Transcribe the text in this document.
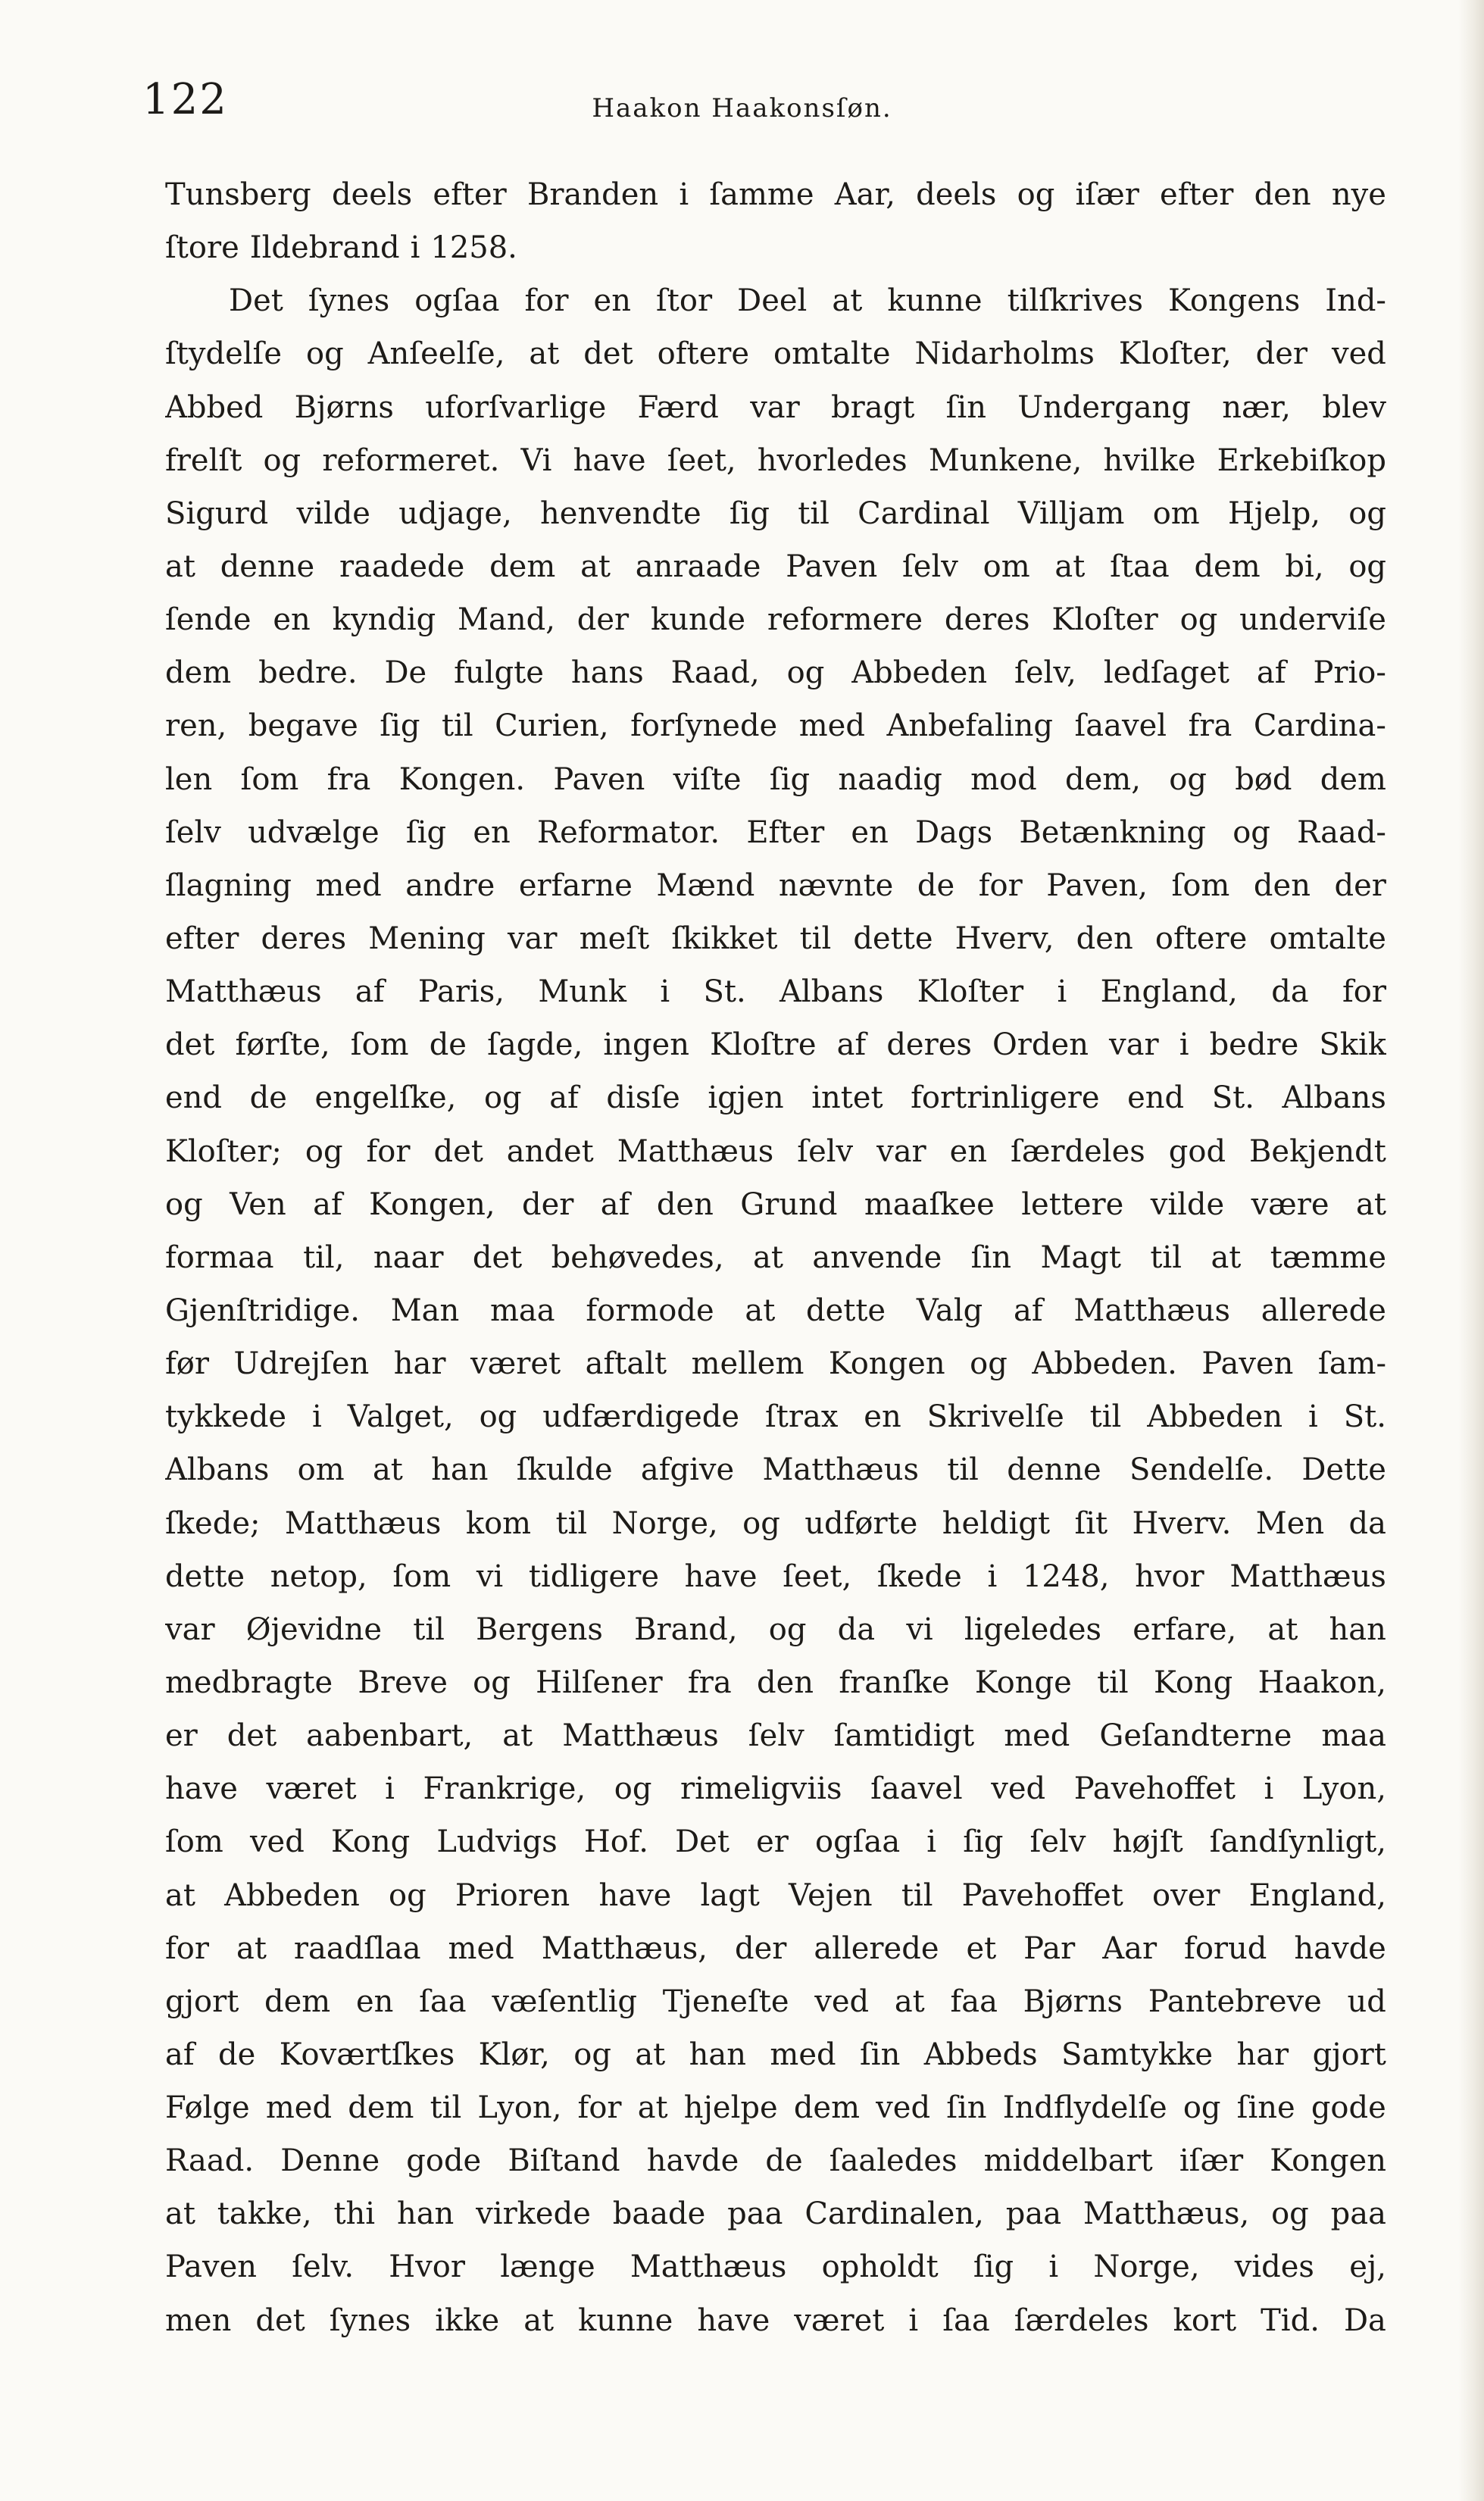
122	Haakon Haakonsſøn.
Tunsberg deels efter Branden i ſamme Aar, deels og iſær efter den nye
ſtore Ildebrand i 1258.
Det ſynes ogſaa for en ſtor Deel at kunne tilſkrives Kongens Ind-
ſtydelſe og Anſeelſe, at det oftere omtalte Nidarholms Kloſter, der ved
Abbed Bjørns uforſvarlige Færd var bragt ſin Undergang nær, blev
frelſt og reformeret. Vi have ſeet, hvorledes Munkene, hvilke Erkebiſkop
Sigurd vilde udjage, henvendte ſig til Cardinal Villjam om Hjelp, og
at denne raadede dem at anraade Paven ſelv om at ſtaa dem bi, og
ſende en kyndig Mand, der kunde reformere deres Kloſter og underviſe
dem bedre. De fulgte hans Raad, og Abbeden ſelv, ledſaget af Prio-
ren, begave ſig til Curien, forſynede med Anbefaling ſaavel fra Cardina-
len ſom fra Kongen. Paven viſte ſig naadig mod dem, og bød dem
ſelv udvælge ſig en Reformator. Efter en Dags Betænkning og Raad-
ſlagning med andre erfarne Mænd nævnte de for Paven, ſom den der
efter deres Mening var meſt ſkikket til dette Hverv, den oftere omtalte
Matthæus af Paris, Munk i St. Albans Kloſter i England, da for
det førſte, ſom de ſagde, ingen Kloſtre af deres Orden var i bedre Skik
end de engelſke, og af disſe igjen intet fortrinligere end St. Albans
Kloſter; og for det andet Matthæus ſelv var en ſærdeles god Bekjendt
og Ven af Kongen, der af den Grund maaſkee lettere vilde være at
formaa til, naar det behøvedes, at anvende ſin Magt til at tæmme
Gjenſtridige. Man maa formode at dette Valg af Matthæus allerede
før Udrejſen har været aftalt mellem Kongen og Abbeden. Paven ſam-
tykkede i Valget, og udfærdigede ſtrax en Skrivelſe til Abbeden i St.
Albans om at han ſkulde afgive Matthæus til denne Sendelſe. Dette
ſkede; Matthæus kom til Norge, og udførte heldigt ſit Hverv. Men da
dette netop, ſom vi tidligere have ſeet, ſkede i 1248, hvor Matthæus
var Øjevidne til Bergens Brand, og da vi ligeledes erfare, at han
medbragte Breve og Hilſener fra den franſke Konge til Kong Haakon,
er det aabenbart, at Matthæus ſelv ſamtidigt med Geſandterne maa
have været i Frankrige, og rimeligviis ſaavel ved Pavehoffet i Lyon,
ſom ved Kong Ludvigs Hof. Det er ogſaa i ſig ſelv højſt ſandſynligt,
at Abbeden og Prioren have lagt Vejen til Pavehoffet over England,
for at raadſlaa med Matthæus, der allerede et Par Aar forud havde
gjort dem en ſaa væſentlig Tjeneſte ved at faa Bjørns Pantebreve ud
af de Koværtſkes Klør, og at han med ſin Abbeds Samtykke har gjort
Følge med dem til Lyon, for at hjelpe dem ved ſin Indflydelſe og ſine gode
Raad. Denne gode Biſtand havde de ſaaledes middelbart iſær Kongen
at takke, thi han virkede baade paa Cardinalen, paa Matthæus, og paa
Paven ſelv. Hvor længe Matthæus opholdt ſig i Norge, vides ej,
men det ſynes ikke at kunne have været i ſaa ſærdeles kort Tid. Da
